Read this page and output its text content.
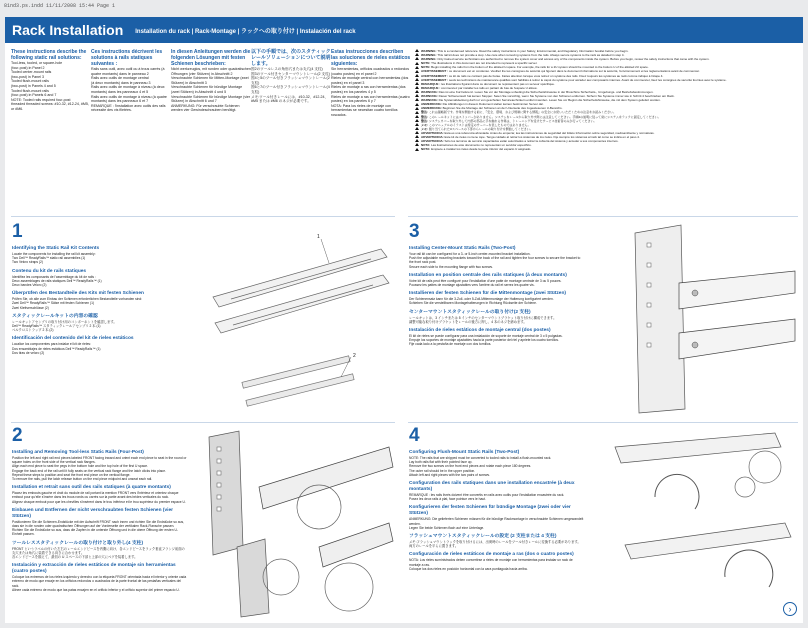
81nd3.ps.indd 11/11/2008 15:44 Page 1
Rack Installation Installation du rack | Rack-Montage | ラックへの取り付け | Instalación del rack
These instructions describe the following static rail solutions:
Tool-less, tooled, or square-hole
(four-post) in Panel 2
Tooled center-mount rails
(two-post) in Panel 3
Tooled flush-mount rails
(two-post) in Panels 4 and 5
Tooled flush-mount rails
(four-post) in Panels 6 and 7
NOTE: Tooled rails required four-post
threaded threaded screws: #10-32, #12-24, #M5, or #M6.
Ces instructions décrivent les solutions à rails statiques suivantes :
Rails sans outil, avec outil ou à trous carrés (à quatre montants) dans le panneau 2
Rails avec outils de montage central
(à deux montants) dans le panneau 3
Rails avec outils de montage à niveau (à deux montants) dans les panneaux 4 et 5
Rails avec outils de montage à niveau (à quatre montants) dans les panneaux 6 et 7
REMARQUE : l'installation avec outils des rails nécessite des vis filetées.
In diesen Anleitungen werden die folgenden Lösungen mit festen Schienen beschrieben:
Nicht werkzeuglos, mit runden oder quadratischen Öffnungen (vier Stützen) in Abschnitt 2
Verschraubte Schienen für Mitten-Montage (zwei Stützen) in Abschnitt 3
Verschraubte Schienen für bündige Montage (zwei Stützen) in Abschnitt 4 und 5
Verschraubte Schienen für bündige Montage (vier Stützen) in Abschnitt 6 und 7
ANMERKUNG: Für verschraubte Schienen werden vier Gewindeschrauben benötigt.
以下の手順では、次のスタティックレールソリューションについて説明します。
図2のツールレスの角形穴または丸穴(4 支柱)
図3のツール付きセンターマウントレール(2 支柱)
図4と5のツール付きフラッシュマウントレール(2 支柱)
図6と7のツール付きフラッシュマウントレール(4 支柱)
メモ:ツール付きレールには、#10-32、#12-24、#M5 または #M6 のネジが必要です。
Estas instrucciones describen las soluciones de rieles estáticos siguientes:
Sin herramientas, orificios cuadrados o redondos (cuatro postes) en el panel 2
Rieles de montaje central con herramientas (dos postes) en el panel 3
Rieles de montaje a ras con herramientas (dos postes) en los paneles 4 y 5
Rieles de montaje a ras con herramientas (cuatro postes) en los paneles 6 y 7
NOTA: Para los rieles de montaje con herramientas se necesitan cuatro tornillos roscados.
WARNING: This is a condensed reference. Read the safety instructions in your Safety, Environmental, and Regulatory Information booklet before you begin.
WARNING: This rail kit does not provide a stop. Use care when removing systems from the rails. Always secure systems to the rack as detailed in step 4.
WARNING: Only trained service technicians are authorized to remove the system cover and access any of the components inside the system. Before you begin, review the safety instructions that came with the system.
NOTE: The illustrations in this document are not intended to represent a specific server.
NOTE: Begin installing the rails from the bottom of the allotted U-space. For example, the rails for a 2U system should be mounted to the bottom U of the allotted 2U space.
AVERTISSEMENT : ce document est un condensé. Veuillez lire les consignes de sécurité qui figurent dans le document Informations sur la sécurité, l'environnement et les réglementations avant de commencer.
AVERTISSEMENT : ce kit de rails ne contient pas de butée. Faites attention lorsque vous retirez un système des rails. Fixez toujours les systèmes au rack comme indiqué à l'étape 4.
AVERTISSEMENT : seuls les techniciens de maintenance qualifiés sont habilités à retirer le capot du système pour accéder aux composants internes. Avant de commencer, lisez les consignes de sécurité fournies avec le système.
REMARQUE : les illustrations figurant dans ce document ne représentent pas un serveur spécifique.
REMARQUE : commencez par installer les rails en partant du bas de l'espace U alloué.
WARNUNG: Dies ist eine Kurzreferenz. Lesen Sie vor der Montage unbedingt die Sicherheitshinweise in der Broschüre Sicherheits-, Umgebungs- und Betriebsbestimmungen.
WARNUNG: Dieser Schienensatz hat keinen Stopper. Seien Sie vorsichtig, wenn Sie Systeme von den Schienen entfernen. Sichern Sie Systeme immer wie in Schritt 4 beschrieben am Rack.
WARNUNG: Die Systemabdeckung darf nur von geschulten Servicetechnikern entfernt werden. Lesen Sie vor Beginn die Sicherheitshinweise, die mit dem System geliefert wurden.
ANMERKUNG: Die Abbildungen in diesem Dokument stellen keinen bestimmten Server dar.
ANMERKUNG: Beginnen Sie die Montage der Schienen an der Unterseite des zugewiesenen U-Bereichs.
警告: これは簡略版です。作業を開始する前に、『安全、環境、および規制に関する情報』の安全にお使いいただくための注意をお読みください。
警告: このレールキットにはストッパーがありません。システムをレールから取り外す際には注意してください。手順4の説明に従って常にシステムをラックに固定してください。
警告: システムカバーを取り外して内部の部品に手を触れる作業は、トレーニングを受けたサービス技術者のみが行ってください。
メモ: このマニュアルのイラストは特定のサーバーを表したものではありません。
メモ: 割り当てられたUスペースの下部からレールの取り付けを開始してください。
ADVERTENCIA: Esta es una referencia abreviada. Antes de empezar, lea las instrucciones de seguridad del folleto Información sobre seguridad, medioambiente y normativas.
ADVERTENCIA: Este kit de rieles no tiene tope. Tenga cuidado al retirar los sistemas de los rieles. Fije siempre los sistemas al rack tal como se indica en el paso 4.
ADVERTENCIA: Sólo los técnicos de servicio capacitados están autorizados a retirar la cubierta del sistema y acceder a sus componentes internos.
NOTA: Las ilustraciones de este documento no representan un servidor específico.
NOTA: Empiece a instalar los rieles desde la parte inferior del espacio U asignado.
1
2
3
4
Identifying the Static Rail Kit Contents
Locate the components for installing the rail kit assembly:
Two Dell™ ReadyRails™ static rail assemblies (1)
Two Velcro straps (2)
Contenu du kit de rails statiques
Identifiez les composants de l'assemblage du kit de rails :
Deux assemblages de rails statiques Dell™ ReadyRails™ (1)
Deux bandes Velcro (2)
Überprüfen des Bestandteile des Kits mit festen Schienen
Prüfen Sie, ob alle zum Einbau der Schienen erforderlichen Bestandteile vorhanden sind:
Zwei Dell™ ReadyRails™ Sätze mit festen Schienen (1)
Zwei Klettverschlüsse (2)
スタティックレールキットの内容の確認
レールキットアセンブリの取り付け用のコンポーネントを確認します。
Dell™ ReadyRails™ スタティックレールアセンブリ 2 本 (1)
ベルクロストラップ 2 本 (2)
Identificación del contenido del kit de rieles estáticos
Localice los componentes para instalar el kit de rieles:
Dos ensamblajes de rieles estáticos Dell™ ReadyRails™ (1)
Dos tiras de velcro (2)
Installing and Removing Tool-less Static Rails (Four-Post)
Position the left and right rail end pieces labeled FRONT facing inward and orient each end piece to seat in the round or square holes on the front side of the vertical rack flanges.
Align each end piece to seat the pegs in the bottom hole and the top hole of the first U space.
Engage the back end of the rail until it fully seats on the vertical rack flange and the latch clicks into place.
Repeat these steps to position and seat the front end piece on the vertical flange.
To remove the rails, pull the latch release button on the end piece midpoint and unseat each rail.
Installation et retrait sans outil des rails statiques (à quatre montants)
Placez les embouts gauche et droit du module de rail portant la mention FRONT vers l'intérieur et orientez chaque embout pour qu'elle s'insère dans les trous ronds ou carrés sur la partie avant des brides verticales du rack.
Alignez chaque embout pour que les chevilles s'insèrent dans le trou inférieur et le trou supérieur du premier espace U.
Einbauen und Entfernen der nicht verschraubten festen Schienen (vier Stützen)
Positionieren Sie die Schienen-Endstücke mit der Aufschrift FRONT nach innen und richten Sie die Endstücke so aus, dass sie in die runden oder quadratischen Öffnungen auf der Vorderseite der vertikalen Rack-Flansche passen.
Richten Sie die Endstücke so aus, dass die Zapfen in die unterste Öffnung und in die obere Öffnung der ersten U-Einheit passen.
ツールレススタティックレールの取り付けと取り外し(4 支柱)
FRONT というラベルの付いた左右のレールエンドピースを内側に向け、各エンドピースをラック垂直フランジ前面の丸穴または角穴に装着できる向きに合わせます。
各エンドピースを揃えて、最初の U スペースの下部と上部の穴にペグを装着します。
Instalación y extracción de rieles estáticos de montaje sin herramientas (cuatro postes)
Coloque los extremos de los rieles izquierdo y derecho con la etiqueta FRONT orientada hacia el interior y oriente cada extremo de modo que encaje en los orificios redondos o cuadrados de la parte frontal de las pestañas verticales del rack.
Alinee cada extremo de modo que las patas encajen en el orificio inferior y el orificio superior del primer espacio U.
Installing Center-Mount Static Rails (Two-Post)
Your rail kit can be configured for a 3- or 5-inch center-mounted bracket installation.
Push the adjustable mounting brackets toward the back of the rail and tighten the four screws to secure the bracket to the front rack post.
Secure each side to the mounting flange with two screws.
Installation en position centrale des rails statiques (à deux montants)
Votre kit de rails peut être configuré pour l'installation d'une patte de montage centrale de 3 ou 5 pouces.
Poussez les pattes de montage ajustables vers l'arrière du rail et serrez les quatre vis.
Installieren der festen Schienen für die Mittenmontage (zwei Stützen)
Der Schienensatz kann für die 3-Zoll- oder 5-Zoll-Mittenmontage der Halterung konfiguriert werden.
Schieben Sie die verstellbaren Montagehalterungen in Richtung Rückseite der Schiene.
センターマウントスタティックレールの取り付け(2 支柱)
レールキットは、3 インチまたは 5 インチのセンターマウントブラケット取り付けに構成できます。
調整可能な取り付けブラケットをレールの後方に押し、4 本のネジを締めます。
Instalación de rieles estáticos de montaje central (dos postes)
El kit de rieles se puede configurar para una instalación de soporte de montaje central de 3 o 5 pulgadas.
Empuje los soportes de montaje ajustables hacia la parte posterior del riel y apriete los cuatro tornillos.
Fije cada lado a la pestaña de montaje con dos tornillos.
Configuring Flush-Mount Static Rails (Two-Post)
NOTE: The rails that are shipped must be converted to tooled rails to install a flush-mounted rack.
Lay both rails flat with their pointed face up.
Remove the two screws on the front end pieces and rotate each piece 180 degrees.
The outer rail should be in the upper position.
Attach left and right pieces with the two pairs of screws.
Configuration des rails statiques dans une installation encastrée (à deux montants)
REMARQUE : les rails livrés doivent être convertis en rails avec outils pour l'installation encastrée du rack.
Posez les deux rails à plat, face pointue vers le haut.
Konfigurieren der festen Schienen für bündige Montage (zwei oder vier Stützen)
ANMERKUNG: Die gelieferten Schienen müssen für die bündige Rackmontage in verschraubte Schienen umgewandelt werden.
Legen Sie beide Schienen flach auf eine Unterlage.
フラッシュマウントスタティックレールの設定 (2 支柱または 4 支柱)
メモ:フラッシュマウントラックを取り付けるには、出荷時のレールをツール付きレールに変換する必要があります。
両方のレールを平らに置きます。
Configuración de rieles estáticos de montaje a ras (dos o cuatro postes)
NOTA: Los rieles suministrados deben convertirse a rieles de montaje con herramientas para instalar un rack de montaje a ras.
Coloque los dos rieles en posición horizontal con la cara puntiaguda hacia arriba.
1
2
›
